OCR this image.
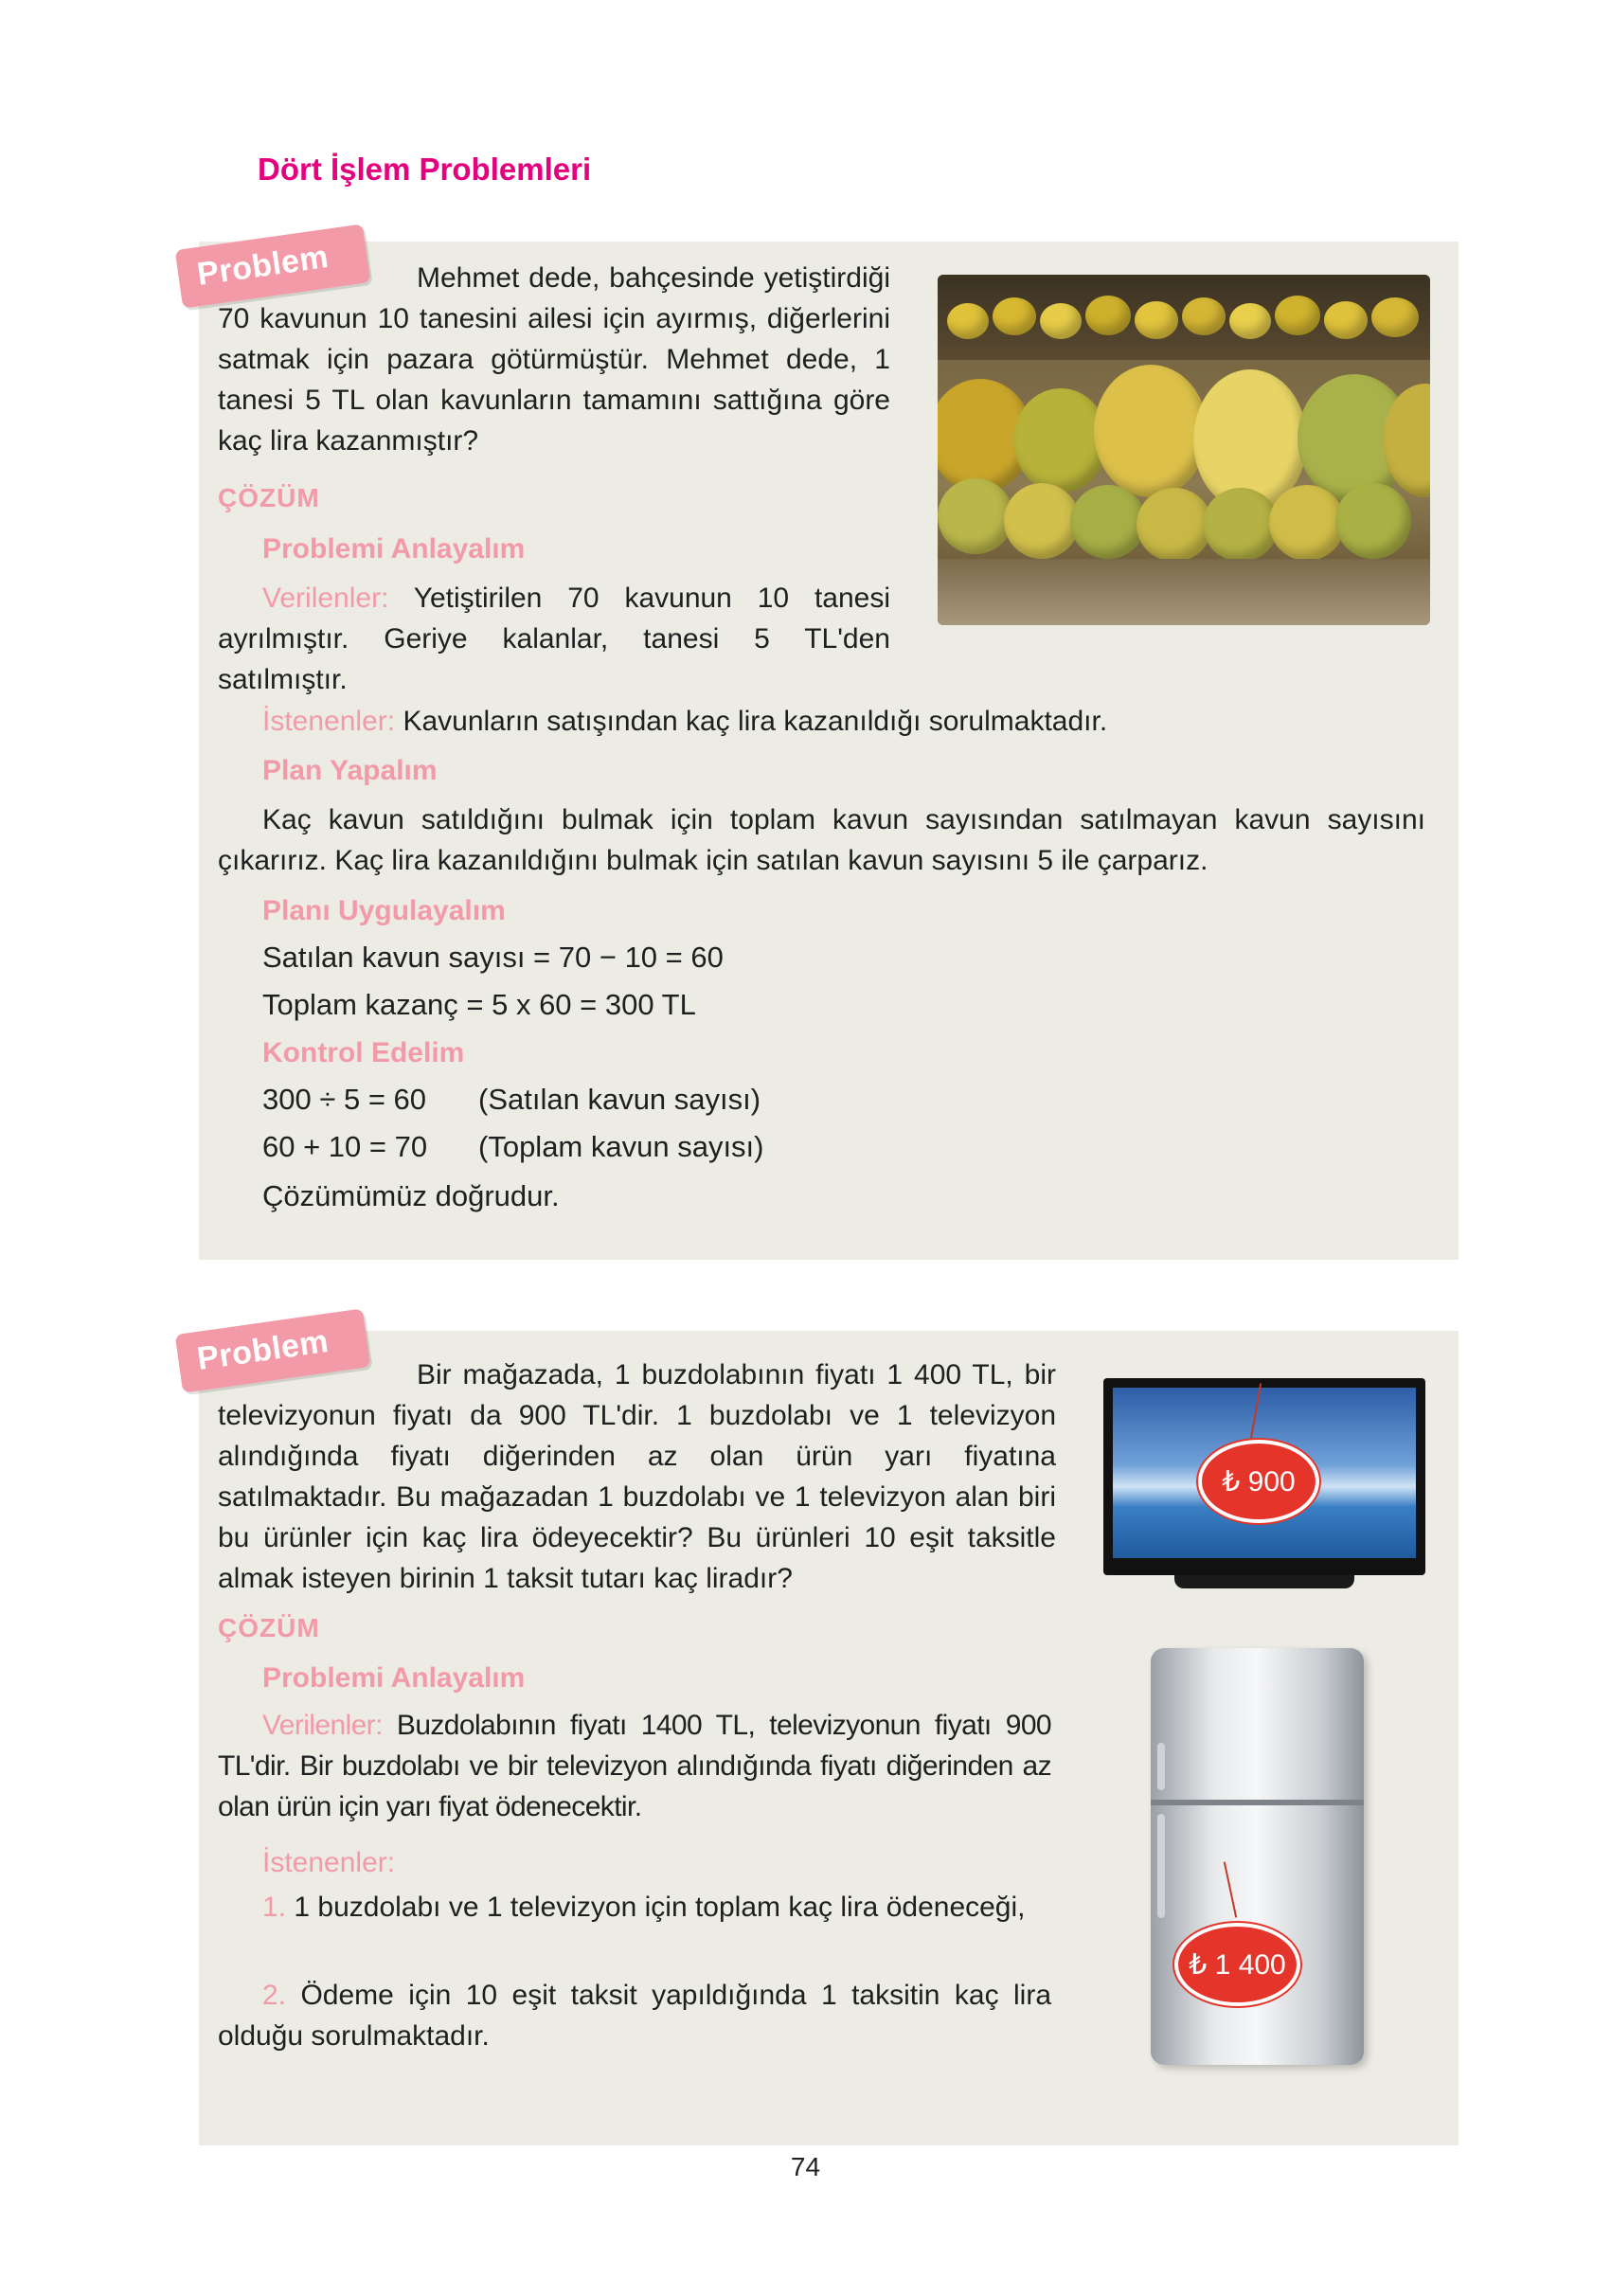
Dört İşlem Problemleri
Problem	Mehmet dede, bahçesinde yetiştirdiği 70 kavunun 10 tanesini ailesi için ayırmış, diğerlerini satmak için pazara götürmüştür. Mehmet dede, 1 tanesi 5 TL olan kavunların tamamını sattığına göre kaç lira kazanmıştır?
ÇÖZÜM
Problemi Anlayalım
Verilenler: Yetiştirilen 70 kavunun 10 tanesi ayrılmıştır. Geriye kalanlar, tanesi 5 TL'den satılmıştır.
İstenenler: Kavunların satışından kaç lira kazanıldığı sorulmaktadır.
Plan Yapalım
Kaç kavun satıldığını bulmak için toplam kavun sayısından satılmayan kavun sayısını çıkarırız. Kaç lira kazanıldığını bulmak için satılan kavun sayısını 5 ile çarparız.
Planı Uygulayalım
Satılan kavun sayısı = 70 − 10 = 60
Toplam kazanç = 5 x 60 = 300 TL
Kontrol Edelim
300 ÷ 5 = 60 (Satılan kavun sayısı)
60 + 10 = 70 (Toplam kavun sayısı)
Çözümümüz doğrudur.
Problem	Bir mağazada, 1 buzdolabının fiyatı 1 400 TL, bir televizyonun fiyatı da 900 TL'dir. 1 buzdolabı ve 1 televizyon alındığında fiyatı diğerinden az olan ürün yarı fiyatına satılmaktadır. Bu mağazadan 1 buzdolabı ve 1 televizyon alan biri bu ürünler için kaç lira ödeyecektir? Bu ürünleri 10 eşit taksitle almak isteyen birinin 1 taksit tutarı kaç liradır?
₺ 900
₺ 1 400
ÇÖZÜM
Problemi Anlayalım
Verilenler: Buzdolabının fiyatı 1400 TL, televizyonun fiyatı 900 TL'dir. Bir buzdolabı ve bir televizyon alındığında fiyatı diğerinden az olan ürün için yarı fiyat ödenecektir.
İstenenler:
1. 1 buzdolabı ve 1 televizyon için toplam kaç lira ödeneceği,
2. Ödeme için 10 eşit taksit yapıldığında 1 taksitin kaç lira olduğu sorulmaktadır.
74
